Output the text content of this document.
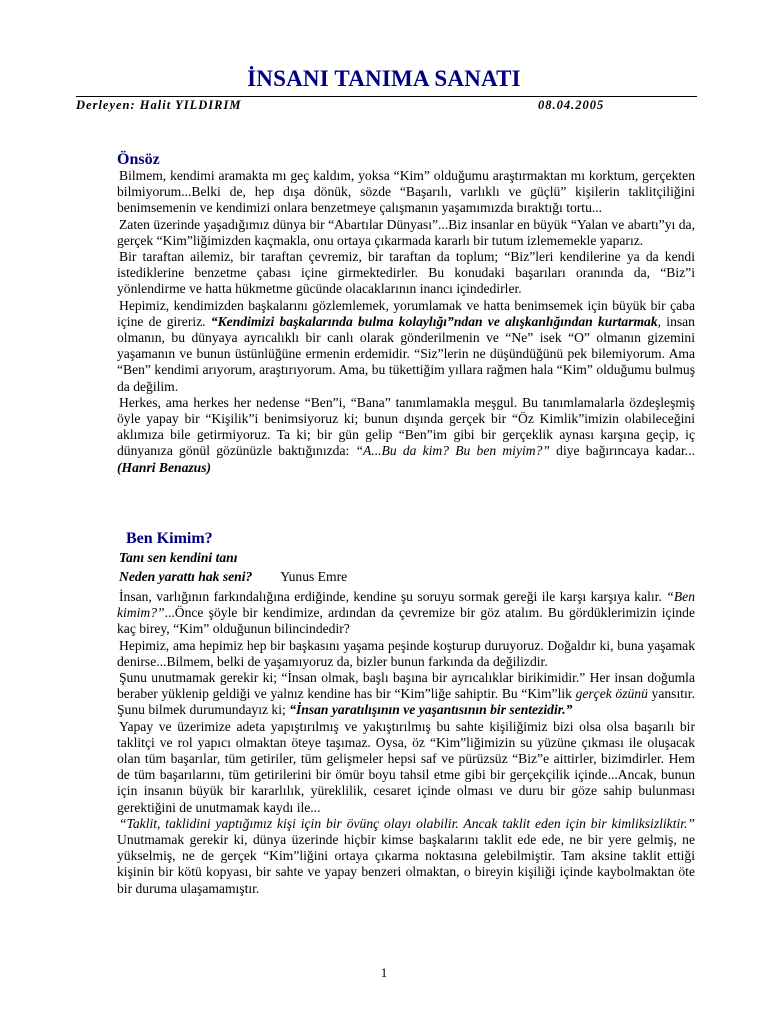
İNSANI TANIMA SANATI
Derleyen: Halit YILDIRIM	08.04.2005
Önsöz

Bilmem, kendimi aramakta mı geç kaldım, yoksa “Kim” olduğumu araştırmaktan mı korktum, gerçekten bilmiyorum...Belki de, hep dışa dönük, sözde “Başarılı, varlıklı ve güçlü” kişilerin taklitçiliğini benimsemenin ve kendimizi onlara benzetmeye çalışmanın yaşamımızda bıraktığı tortu...

Zaten üzerinde yaşadığımız dünya bir “Abartılar Dünyası”...Biz insanlar en büyük “Yalan ve abartı”yı da, gerçek “Kim”liğimizden kaçmakla, onu ortaya çıkarmada kararlı bir tutum izlememekle yaparız.

Bir taraftan ailemiz, bir taraftan çevremiz, bir taraftan da toplum; “Biz”leri kendilerine ya da kendi istediklerine benzetme çabası içine girmektedirler. Bu konudaki başarıları oranında da, “Biz”i yönlendirme ve hatta hükmetme gücünde olacaklarının inancı içindedirler.

Hepimiz, kendimizden başkalarını gözlemlemek, yorumlamak ve hatta benimsemek için büyük bir çaba içine de gireriz. “Kendimizi başkalarında bulma kolaylığı”ndan ve alışkanlığından kurtarmak, insan olmanın, bu dünyaya ayrıcalıklı bir canlı olarak gönderilmenin ve “Ne” isek “O” olmanın gizemini yaşamanın ve bunun üstünlüğüne ermenin erdemidir. “Siz”lerin ne düşündüğünü pek bilemiyorum. Ama “Ben” kendimi arıyorum, araştırıyorum. Ama, bu tükettiğim yıllara rağmen hala “Kim” olduğumu bulmuş da değilim.

Herkes, ama herkes her nedense “Ben”i, “Bana” tanımlamakla meşgul. Bu tanımlamalarla özdeşleşmiş öyle yapay bir “Kişilik”i benimsiyoruz ki; bunun dışında gerçek bir “Öz Kimlik”imizin olabileceğini aklımıza bile getirmiyoruz. Ta ki; bir gün gelip “Ben”im gibi bir gerçeklik aynası karşına geçip, iç dünyanıza gönül gözünüzle baktığınızda: “A...Bu da kim? Bu ben miyim?” diye bağırıncaya kadar... (Hanri Benazus)

Ben Kimim?
Tanı sen kendini tanı
Neden yarattı hak seni? Yunus Emre

İnsan, varlığının farkındalığına erdiğinde, kendine şu soruyu sormak gereği ile karşı karşıya kalır. “Ben kimim?”...Önce şöyle bir kendimize, ardından da çevremize bir göz atalım. Bu gördüklerimizin içinde kaç birey, “Kim” olduğunun bilincindedir?

Hepimiz, ama hepimiz hep bir başkasını yaşama peşinde koşturup duruyoruz. Doğaldır ki, buna yaşamak denirse...Bilmem, belki de yaşamıyoruz da, bizler bunun farkında da değilizdir.

Şunu unutmamak gerekir ki; “İnsan olmak, başlı başına bir ayrıcalıklar birikimidir.” Her insan doğumla beraber yüklenip geldiği ve yalnız kendine has bir “Kim”liğe sahiptir. Bu “Kim”lik gerçek özünü yansıtır. Şunu bilmek durumundayız ki; “İnsan yaratılışının ve yaşantısının bir sentezidir.”

Yapay ve üzerimize adeta yapıştırılmış ve yakıştırılmış bu sahte kişiliğimiz bizi olsa olsa başarılı bir taklitçi ve rol yapıcı olmaktan öteye taşımaz. Oysa, öz “Kim”liğimizin su yüzüne çıkması ile oluşacak olan tüm başarılar, tüm getiriler, tüm gelişmeler hepsi saf ve pürüzsüz “Biz”e aittirler, bizimdirler. Hem de tüm başarılarını, tüm getirilerini bir ömür boyu tahsil etme gibi bir gerçekçilik içinde...Ancak, bunun için insanın büyük bir kararlılık, yüreklilik, cesaret içinde olması ve duru bir göze sahip bulunması gerektiğini de unutmamak kaydı ile...

“Taklit, taklidini yaptığımız kişi için bir övünç olayı olabilir. Ancak taklit eden için bir kimliksizliktir.” Unutmamak gerekir ki, dünya üzerinde hiçbir kimse başkalarını taklit ede ede, ne bir yere gelmiş, ne yükselmiş, ne de gerçek “Kim”liğini ortaya çıkarma noktasına gelebilmiştir. Tam aksine taklit ettiği kişinin bir kötü kopyası, bir sahte ve yapay benzeri olmaktan, o bireyin kişiliği içinde kaybolmaktan öte bir duruma ulaşamamıştır.

1
